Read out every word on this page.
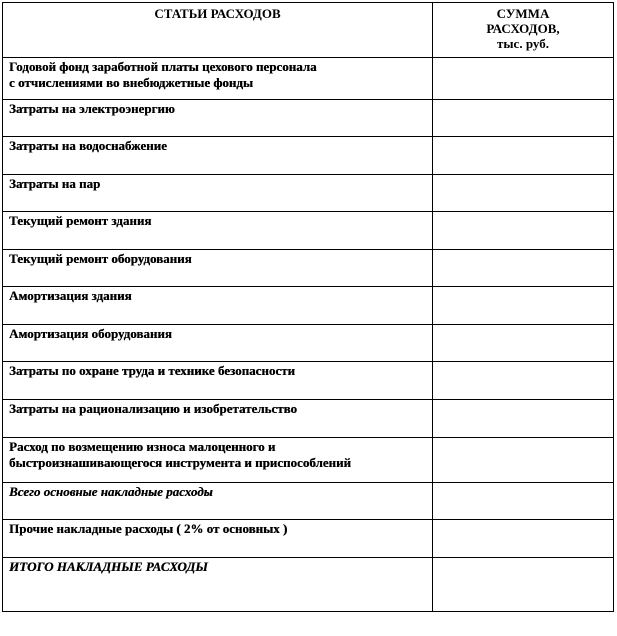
СТАТЬИ РАСХОДОВ	СУММА
РАСХОДОВ,
тыс. руб.

Годовой фонд заработной платы цехового персонала
с отчислениями во внебюджетные фонды	

Затраты на электроэнергию	
Затраты на водоснабжение	
Затраты на пар	
Текущий ремонт здания	
Текущий ремонт оборудования	
Амортизация здания	
Амортизация оборудования	
Затраты по охране труда и технике безопасности	
Затраты на рационализацию и изобретательство	

Расход по возмещению износа малоценного и
быстроизнашивающегося инструмента и приспособлений	

Всего основные накладные расходы	
Прочие накладные расходы ( 2% от основных )	
ИТОГО НАКЛАДНЫЕ РАСХОДЫ	
